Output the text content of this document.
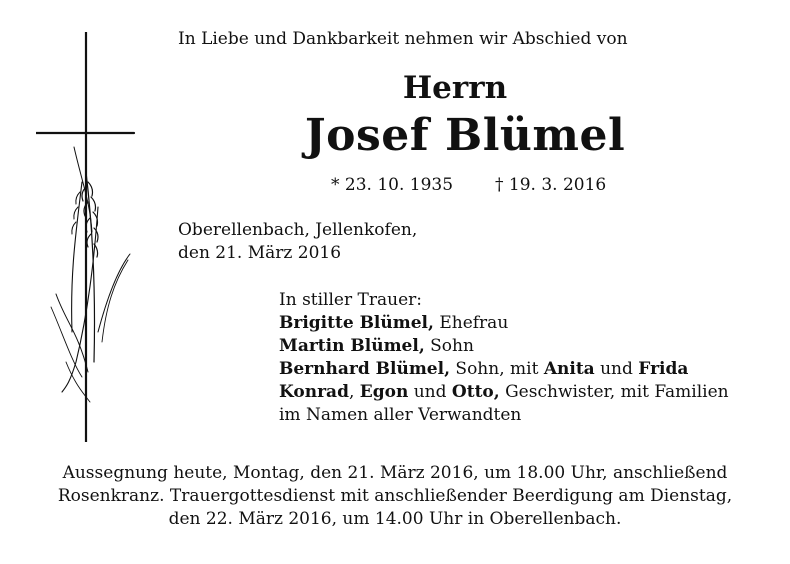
In Liebe und Dankbarkeit nehmen wir Abschied von
Herrn
Josef Blümel
* 23. 10. 1935 † 19. 3. 2016
Oberellenbach, Jellenkofen,
den 21. März 2016
In stiller Trauer:
Brigitte Blümel, Ehefrau
Martin Blümel, Sohn
Bernhard Blümel, Sohn, mit Anita und Frida
Konrad, Egon und Otto, Geschwister, mit Familien
im Namen aller Verwandten
Aussegnung heute, Montag, den 21. März 2016, um 18.00 Uhr, anschließend
Rosenkranz. Trauergottesdienst mit anschließender Beerdigung am Dienstag,
den 22. März 2016, um 14.00 Uhr in Oberellenbach.
